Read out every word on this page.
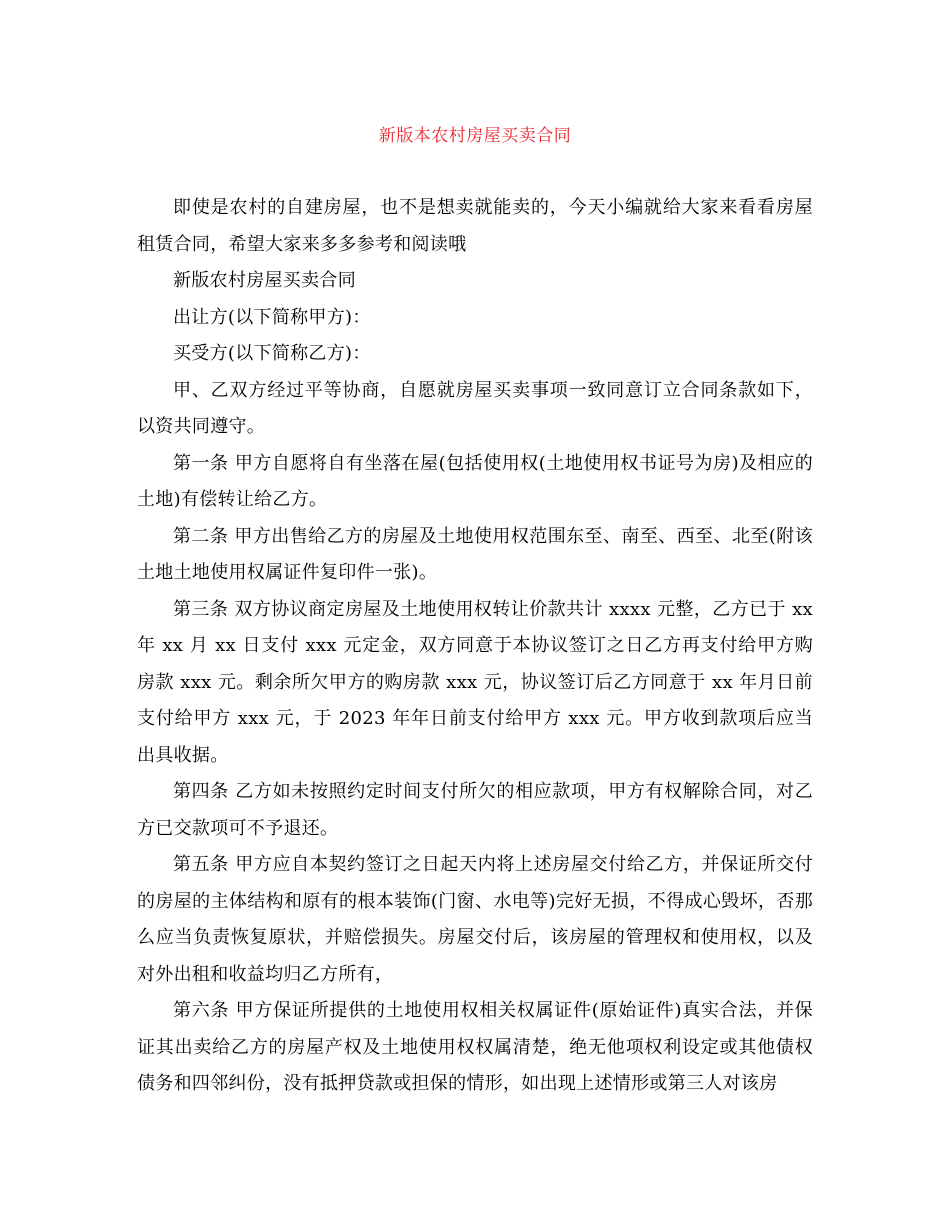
新版本农村房屋买卖合同

即使是农村的自建房屋，也不是想卖就能卖的，今天小编就给大家来看看房屋租赁合同，希望大家来多多参考和阅读哦

新版农村房屋买卖合同

出让方(以下简称甲方)：

买受方(以下简称乙方)：

甲、乙双方经过平等协商，自愿就房屋买卖事项一致同意订立合同条款如下，以资共同遵守。

第一条 甲方自愿将自有坐落在屋(包括使用权(土地使用权书证号为房)及相应的土地)有偿转让给乙方。

第二条 甲方出售给乙方的房屋及土地使用权范围东至、南至、西至、北至(附该土地土地使用权属证件复印件一张)。

第三条 双方协议商定房屋及土地使用权转让价款共计 xxxx 元整，乙方已于 xx 年 xx 月 xx 日支付 xxx 元定金，双方同意于本协议签订之日乙方再支付给甲方购房款 xxx 元。剩余所欠甲方的购房款 xxx 元，协议签订后乙方同意于 xx 年月日前支付给甲方 xxx 元，于 2023 年年日前支付给甲方 xxx 元。甲方收到款项后应当出具收据。

第四条 乙方如未按照约定时间支付所欠的相应款项，甲方有权解除合同，对乙方已交款项可不予退还。

第五条 甲方应自本契约签订之日起天内将上述房屋交付给乙方，并保证所交付的房屋的主体结构和原有的根本装饰(门窗、水电等)完好无损，不得成心毁坏，否那么应当负责恢复原状，并赔偿损失。房屋交付后，该房屋的管理权和使用权，以及对外出租和收益均归乙方所有，

第六条 甲方保证所提供的土地使用权相关权属证件(原始证件)真实合法，并保证其出卖给乙方的房屋产权及土地使用权权属清楚，绝无他项权利设定或其他债权债务和四邻纠份，没有抵押贷款或担保的情形，如出现上述情形或第三人对该房
